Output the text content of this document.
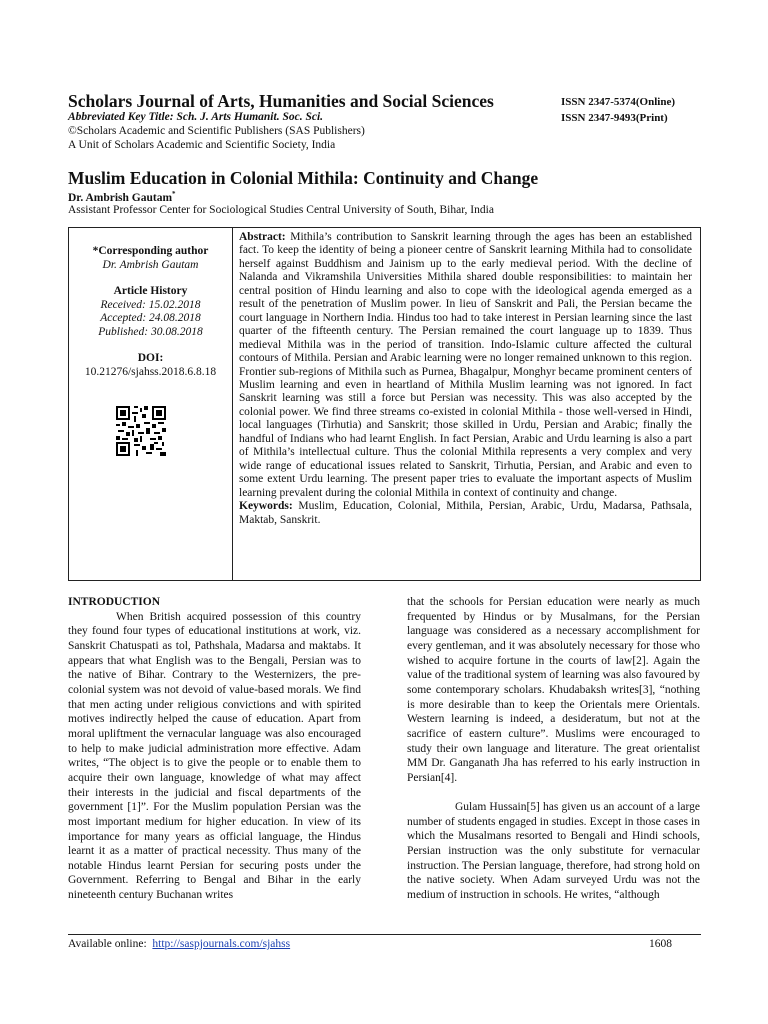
Scholars Journal of Arts, Humanities and Social Sciences	ISSN 2347-5374(Online)
ISSN 2347-9493(Print)
Abbreviated Key Title: Sch. J. Arts Humanit. Soc. Sci.
©Scholars Academic and Scientific Publishers (SAS Publishers)
A Unit of Scholars Academic and Scientific Society, India
Muslim Education in Colonial Mithila: Continuity and Change
Dr. Ambrish Gautam*
Assistant Professor Center for Sociological Studies Central University of South, Bihar, India
*Corresponding author
Dr. Ambrish Gautam
Article History
Received: 15.02.2018
Accepted: 24.08.2018
Published: 30.08.2018
DOI:
10.21276/sjahss.2018.6.8.18
Abstract: Mithila’s contribution to Sanskrit learning through the ages has been an established fact. To keep the identity of being a pioneer centre of Sanskrit learning Mithila had to consolidate herself against Buddhism and Jainism up to the early medieval period. With the decline of Nalanda and Vikramshila Universities Mithila shared double responsibilities: to maintain her central position of Hindu learning and also to cope with the ideological agenda emerged as a result of the penetration of Muslim power. In lieu of Sanskrit and Pali, the Persian became the court language in Northern India. Hindus too had to take interest in Persian learning since the last quarter of the fifteenth century. The Persian remained the court language up to 1839. Thus medieval Mithila was in the period of transition. Indo-Islamic culture affected the cultural contours of Mithila. Persian and Arabic learning were no longer remained unknown to this region. Frontier sub-regions of Mithila such as Purnea, Bhagalpur, Monghyr became prominent centers of Muslim learning and even in heartland of Mithila Muslim learning was not ignored. In fact Sanskrit learning was still a force but Persian was necessity. This was also accepted by the colonial power. We find three streams co-existed in colonial Mithila - those well-versed in Hindi, local languages (Tirhutia) and Sanskrit; those skilled in Urdu, Persian and Arabic; finally the handful of Indians who had learnt English. In fact Persian, Arabic and Urdu learning is also a part of Mithila’s intellectual culture. Thus the colonial Mithila represents a very complex and very wide range of educational issues related to Sanskrit, Tirhutia, Persian, and Arabic and even to some extent Urdu learning. The present paper tries to evaluate the important aspects of Muslim learning prevalent during the colonial Mithila in context of continuity and change.
Keywords: Muslim, Education, Colonial, Mithila, Persian, Arabic, Urdu, Madarsa, Pathsala, Maktab, Sanskrit.
INTRODUCTION
When British acquired possession of this country they found four types of educational institutions at work, viz. Sanskrit Chatuspati as tol, Pathshala, Madarsa and maktabs. It appears that what English was to the Bengali, Persian was to the native of Bihar. Contrary to the Westernizers, the pre-colonial system was not devoid of value-based morals. We find that men acting under religious convictions and with spirited motives indirectly helped the cause of education. Apart from moral upliftment the vernacular language was also encouraged to help to make judicial administration more effective. Adam writes, “The object is to give the people or to enable them to acquire their own language, knowledge of what may affect their interests in the judicial and fiscal departments of the government [1]”. For the Muslim population Persian was the most important medium for higher education. In view of its importance for many years as official language, the Hindus learnt it as a matter of practical necessity. Thus many of the notable Hindus learnt Persian for securing posts under the Government. Referring to Bengal and Bihar in the early nineteenth century Buchanan writes
that the schools for Persian education were nearly as much frequented by Hindus or by Musalmans, for the Persian language was considered as a necessary accomplishment for every gentleman, and it was absolutely necessary for those who wished to acquire fortune in the courts of law[2]. Again the value of the traditional system of learning was also favoured by some contemporary scholars. Khudabaksh writes[3], “nothing is more desirable than to keep the Orientals mere Orientals. Western learning is indeed, a desideratum, but not at the sacrifice of eastern culture”. Muslims were encouraged to study their own language and literature. The great orientalist MM Dr. Ganganath Jha has referred to his early instruction in Persian[4].
Gulam Hussain[5] has given us an account of a large number of students engaged in studies. Except in those cases in which the Musalmans resorted to Bengali and Hindi schools, Persian instruction was the only substitute for vernacular instruction. The Persian language, therefore, had strong hold on the native society. When Adam surveyed Urdu was not the medium of instruction in schools. He writes, “although
Available online: http://saspjournals.com/sjahss	1608
